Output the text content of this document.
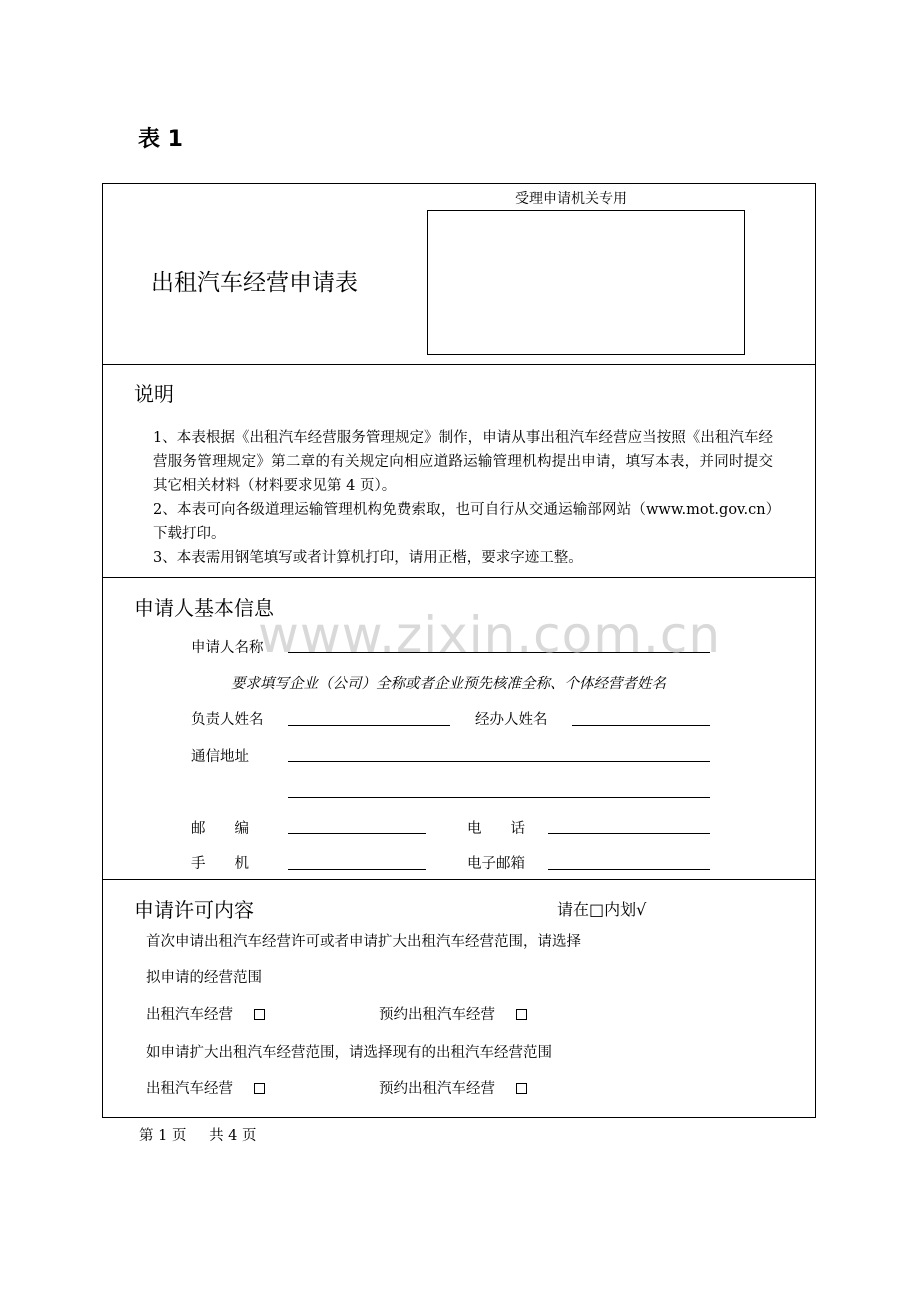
表 1
受理申请机关专用
出租汽车经营申请表
说明
1、本表根据《出租汽车经营服务管理规定》制作，申请从事出租汽车经营应当按照《出租汽车经营服务管理规定》第二章的有关规定向相应道路运输管理机构提出申请，填写本表，并同时提交其它相关材料（材料要求见第 4 页）。
2、本表可向各级道理运输管理机构免费索取，也可自行从交通运输部网站（www.mot.gov.cn）下载打印。
3、本表需用钢笔填写或者计算机打印，请用正楷，要求字迹工整。
申请人基本信息
申请人名称
要求填写企业（公司）全称或者企业预先核准全称、个体经营者姓名
负责人姓名	经办人姓名
通信地址
邮　　编	电　　话
手　　机	电子邮箱
申请许可内容	请在□内划√
首次申请出租汽车经营许可或者申请扩大出租汽车经营范围，请选择
拟申请的经营范围
出租汽车经营	预约出租汽车经营
如申请扩大出租汽车经营范围，请选择现有的出租汽车经营范围
出租汽车经营	预约出租汽车经营
www.zixin.com.cn
第 1 页 共 4 页
